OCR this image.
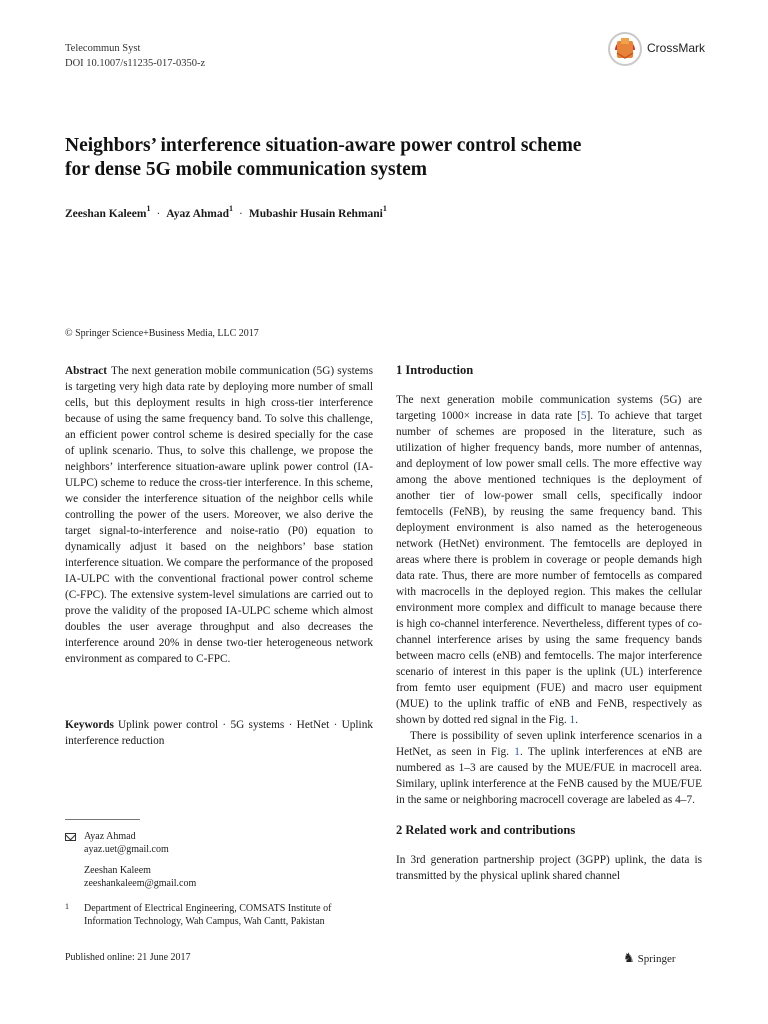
Telecommun Syst
DOI 10.1007/s11235-017-0350-z
CrossMark
Neighbors’ interference situation-aware power control scheme
for dense 5G mobile communication system
Zeeshan Kaleem$^1$ · Ayaz Ahmad$^1$ · Mubashir Husain Rehmani$^1$
© Springer Science+Business Media, LLC 2017
Abstract The next generation mobile communication (5G) systems is targeting very high data rate by deploying more number of small cells, but this deployment results in high cross-tier interference because of using the same frequency band. To solve this challenge, an efficient power control scheme is desired specially for the case of uplink scenario. Thus, to solve this challenge, we propose the neighbors’ interference situation-aware uplink power control (IA-ULPC) scheme to reduce the cross-tier interference. In this scheme, we consider the interference situation of the neighbor cells while controlling the power of the users. Moreover, we also derive the target signal-to-interference and noise-ratio (P0) equation to dynamically adjust it based on the neighbors’ base station interference situation. We compare the performance of the proposed IA-ULPC with the conventional fractional power control scheme (C-FPC). The extensive system-level simulations are carried out to prove the validity of the proposed IA-ULPC scheme which almost doubles the user average throughput and also decreases the interference around 20% in dense two-tier heterogeneous network environment as compared to C-FPC.
Keywords Uplink power control · 5G systems · HetNet · Uplink interference reduction
Ayaz Ahmad
ayaz.uet@gmail.com
Zeeshan Kaleem
zeeshankaleem@gmail.com
1	Department of Electrical Engineering, COMSATS Institute of Information Technology, Wah Campus, Wah Cantt, Pakistan
Published online: 21 June 2017	♞ Springer
1 Introduction

The next generation mobile communication systems (5G) are targeting 1000× increase in data rate [5]. To achieve that target number of schemes are proposed in the literature, such as utilization of higher frequency bands, more number of antennas, and deployment of low power small cells. The more effective way among the above mentioned techniques is the deployment of another tier of low-power small cells, specifically indoor femtocells (FeNB), by reusing the same frequency band. This deployment environment is also named as the heterogeneous network (HetNet) environment. The femtocells are deployed in areas where there is problem in coverage or people demands high data rate. Thus, there are more number of femtocells as compared with macrocells in the deployed region. This makes the cellular environment more complex and difficult to manage because there is high co-channel interference. Nevertheless, different types of co-channel interference arises by using the same frequency bands between macro cells (eNB) and femtocells. The major interference scenario of interest in this paper is the uplink (UL) interference from femto user equipment (FUE) and macro user equipment (MUE) to the uplink traffic of eNB and FeNB, respectively as shown by dotted red signal in the Fig. 1.

There is possibility of seven uplink interference scenarios in a HetNet, as seen in Fig. 1. The uplink interferences at eNB are numbered as 1–3 are caused by the MUE/FUE in macrocell area. Similary, uplink interference at the FeNB caused by the MUE/FUE in the same or neighboring macrocell coverage are labeled as 4–7.

2 Related work and contributions

In 3rd generation partnership project (3GPP) uplink, the data is transmitted by the physical uplink shared channel
